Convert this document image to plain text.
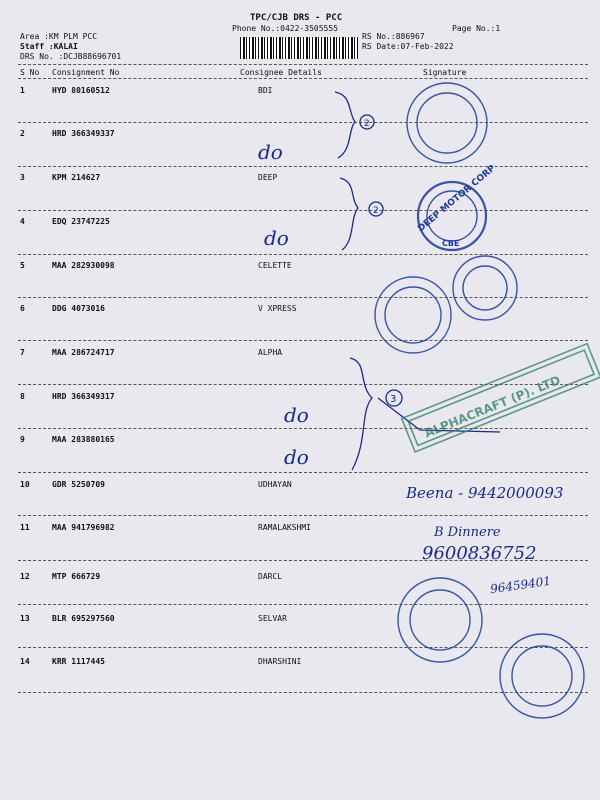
TPC/CJB DRS - PCC
Phone No.:0422-3505555	Page No.:1
Area :KM PLM PCC
Staff :KALAI
DRS No. :DCJB88696701
RS No.:886967
RS Date:07-Feb-2022
S No Consignment No	Consignee Details	Signature
1	HYD 80160512	BDI
2	HRD 366349337
3	KPM 214627	DEEP
4	EDQ 23747225
5	MAA 282930098	CELETTE
6	DDG 4073016	V XPRESS
7	MAA 286724717	ALPHA
8	HRD 366349317
9	MAA 283880165
10	GDR 5250709	UDHAYAN
11	MAA 941796982	RAMALAKSHMI
12	MTP 666729	DARCL
13	BLR 695297560	SELVAR
14	KRR 1117445	DHARSHINI
2
2
3 ALPHACRAFT (P). LTD
DEEP MOTOR CORP
CBE
do
do
do
do
Beena - 9442000093
B Dinnere
9600836752
96459401
